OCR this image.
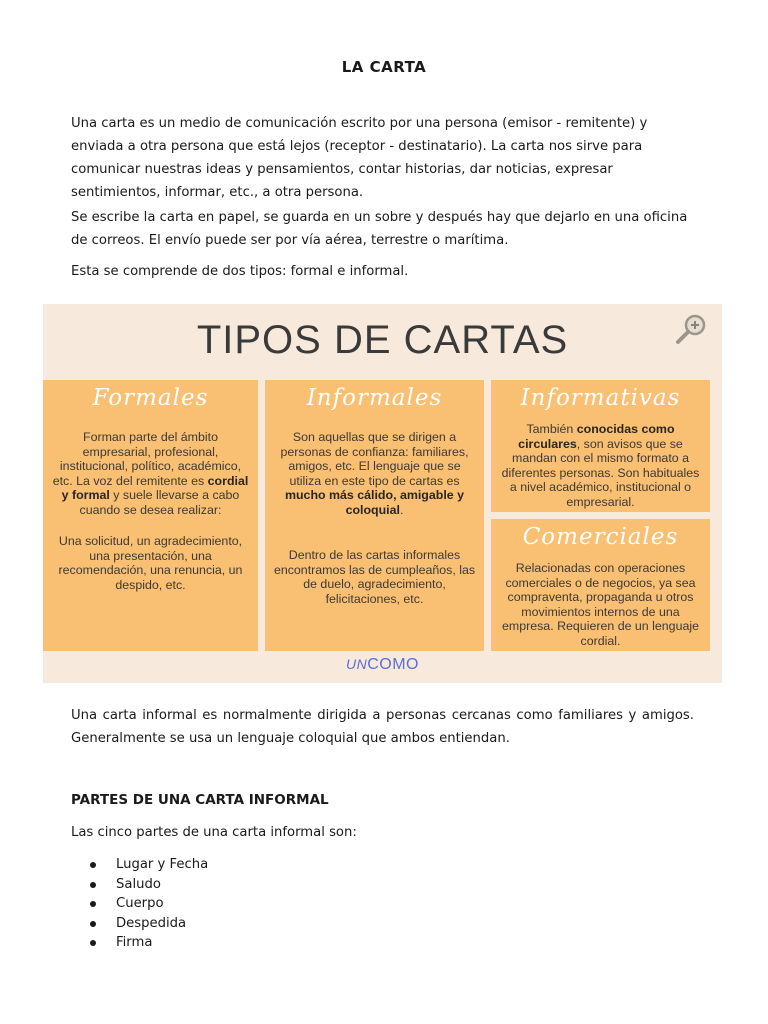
LA CARTA

Una carta es un medio de comunicación escrito por una persona (emisor - remitente) y enviada a otra persona que está lejos (receptor - destinatario). La carta nos sirve para comunicar nuestras ideas y pensamientos, contar historias, dar noticias, expresar sentimientos, informar, etc., a otra persona.

Se escribe la carta en papel, se guarda en un sobre y después hay que dejarlo en una oficina de correos. El envío puede ser por vía aérea, terrestre o marítima.

Esta se comprende de dos tipos: formal e informal.

TIPOS DE CARTAS
Formales

Forman parte del ámbito empresarial, profesional, institucional, político, académico, etc. La voz del remitente es cordial y formal y suele llevarse a cabo cuando se desea realizar:

Una solicitud, un agradecimiento, una presentación, una recomendación, una renuncia, un despido, etc.

Informales

Son aquellas que se dirigen a personas de confianza: familiares, amigos, etc. El lenguaje que se utiliza en este tipo de cartas es mucho más cálido, amigable y coloquial.

Dentro de las cartas informales encontramos las de cumpleaños, las de duelo, agradecimiento, felicitaciones, etc.

Informativas

También conocidas como circulares, son avisos que se mandan con el mismo formato a diferentes personas. Son habituales a nivel académico, institucional o empresarial.

Comerciales

Relacionadas con operaciones comerciales o de negocios, ya sea compraventa, propaganda u otros movimientos internos de una empresa. Requieren de un lenguaje cordial.

UNCOMO

Una carta informal es normalmente dirigida a personas cercanas como familiares y amigos. Generalmente se usa un lenguaje coloquial que ambos entiendan.

PARTES DE UNA CARTA INFORMAL

Las cinco partes de una carta informal son:

Lugar y Fecha
Saludo
Cuerpo
Despedida
Firma
